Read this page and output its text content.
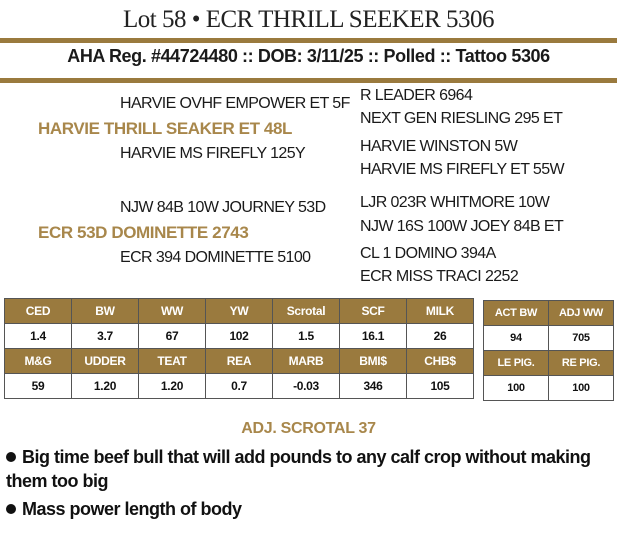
Lot 58 • ECR THRILL SEEKER 5306
AHA Reg. #44724480 :: DOB: 3/11/25 :: Polled :: Tattoo 5306
HARVIE OVHF EMPOWER ET 5F
HARVIE THRILL SEAKER ET 48L
HARVIE MS FIREFLY 125Y
R LEADER 6964
NEXT GEN RIESLING 295 ET
HARVIE WINSTON 5W
HARVIE MS FIREFLY ET 55W
NJW 84B 10W JOURNEY 53D
ECR 53D DOMINETTE 2743
ECR 394 DOMINETTE 5100
LJR 023R WHITMORE 10W
NJW 16S 100W JOEY 84B ET
CL 1 DOMINO 394A
ECR MISS TRACI 2252
CED	BW	WW	YW	Scrotal	SCF	MILK
1.4	3.7	67	102	1.5	16.1	26
M&G	UDDER	TEAT	REA	MARB	BMI$	CHB$
59	1.20	1.20	0.7	-0.03	346	105
ACT BW	ADJ WW
94	705
LE PIG.	RE PIG.
100	100
ADJ. SCROTAL 37
Big time beef bull that will add pounds to any calf crop without making them too big
Mass power length of body
